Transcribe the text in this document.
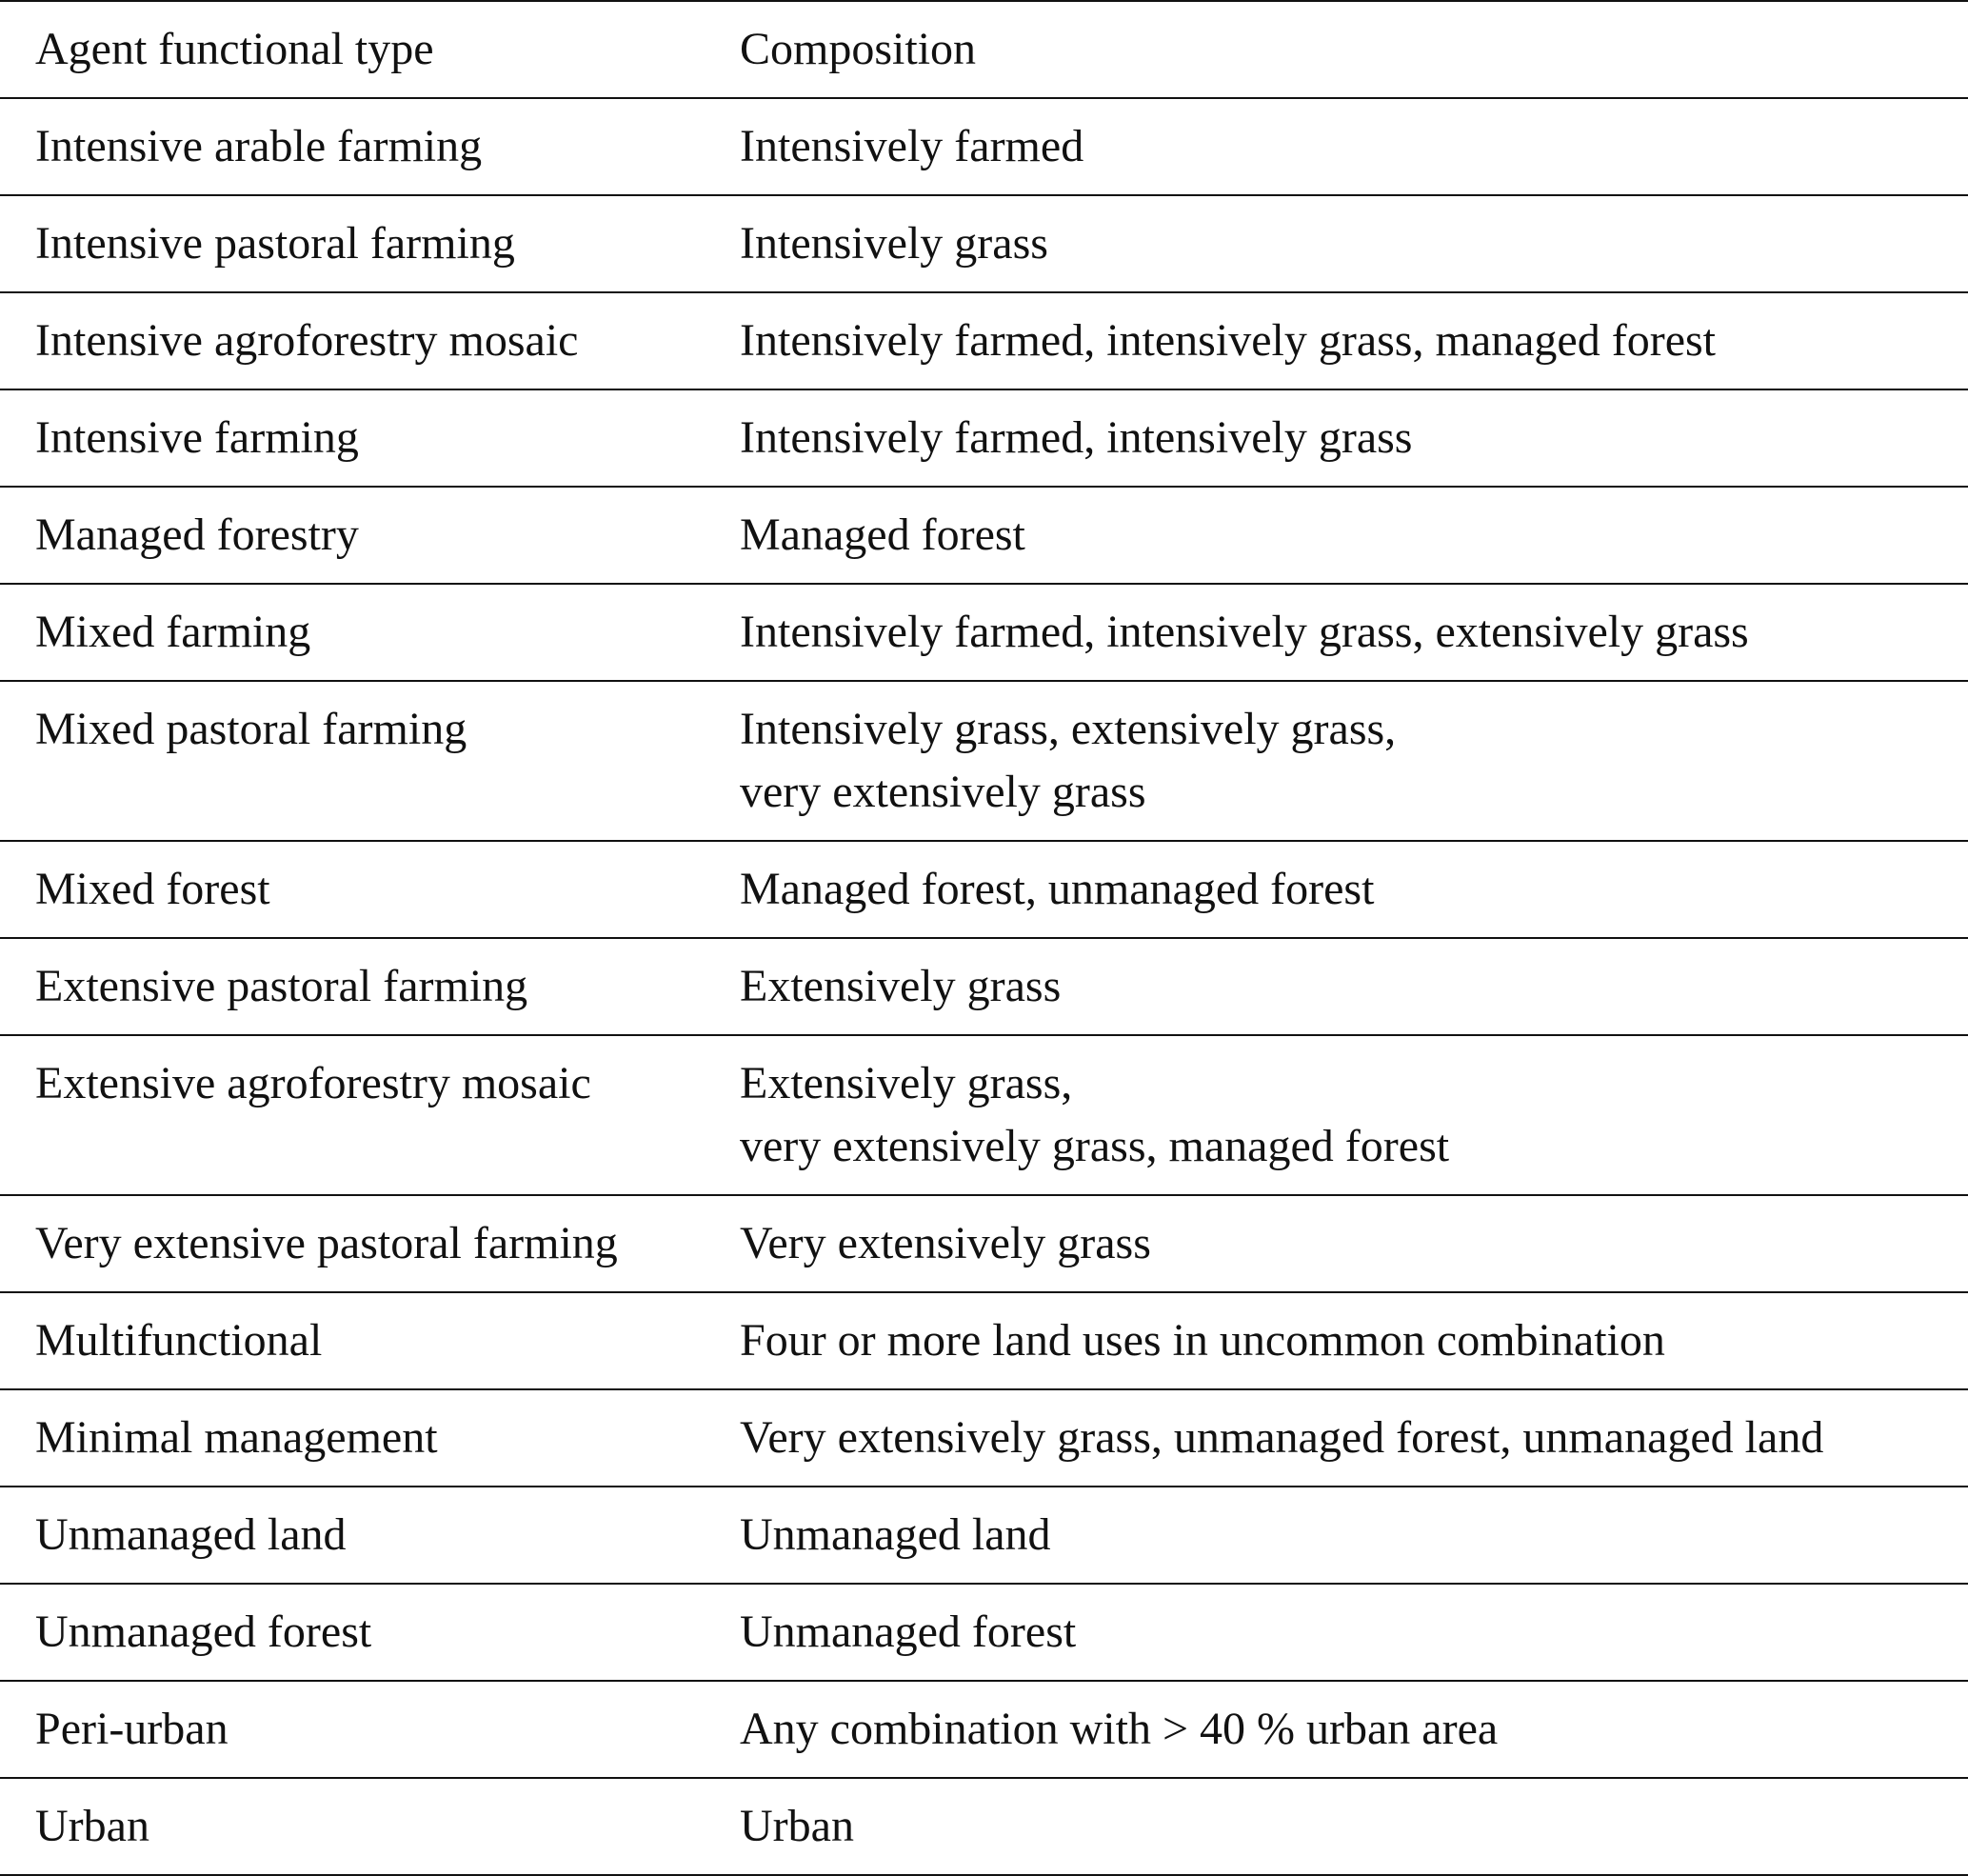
Agent functional type	Composition
Intensive arable farming	Intensively farmed

Intensive pastoral farming	Intensively grass

Intensive agroforestry mosaic	Intensively farmed, intensively grass, managed forest

Intensive farming	Intensively farmed, intensively grass

Managed forestry	Managed forest

Mixed farming	Intensively farmed, intensively grass, extensively grass

Mixed pastoral farming	Intensively grass, extensively grass,
very extensively grass

Mixed forest	Managed forest, unmanaged forest

Extensive pastoral farming	Extensively grass

Extensive agroforestry mosaic	Extensively grass,
very extensively grass, managed forest

Very extensive pastoral farming	Very extensively grass

Multifunctional	Four or more land uses in uncommon combination

Minimal management	Very extensively grass, unmanaged forest, unmanaged land

Unmanaged land	Unmanaged land

Unmanaged forest	Unmanaged forest

Peri-urban	Any combination with > 40 % urban area

Urban	Urban
